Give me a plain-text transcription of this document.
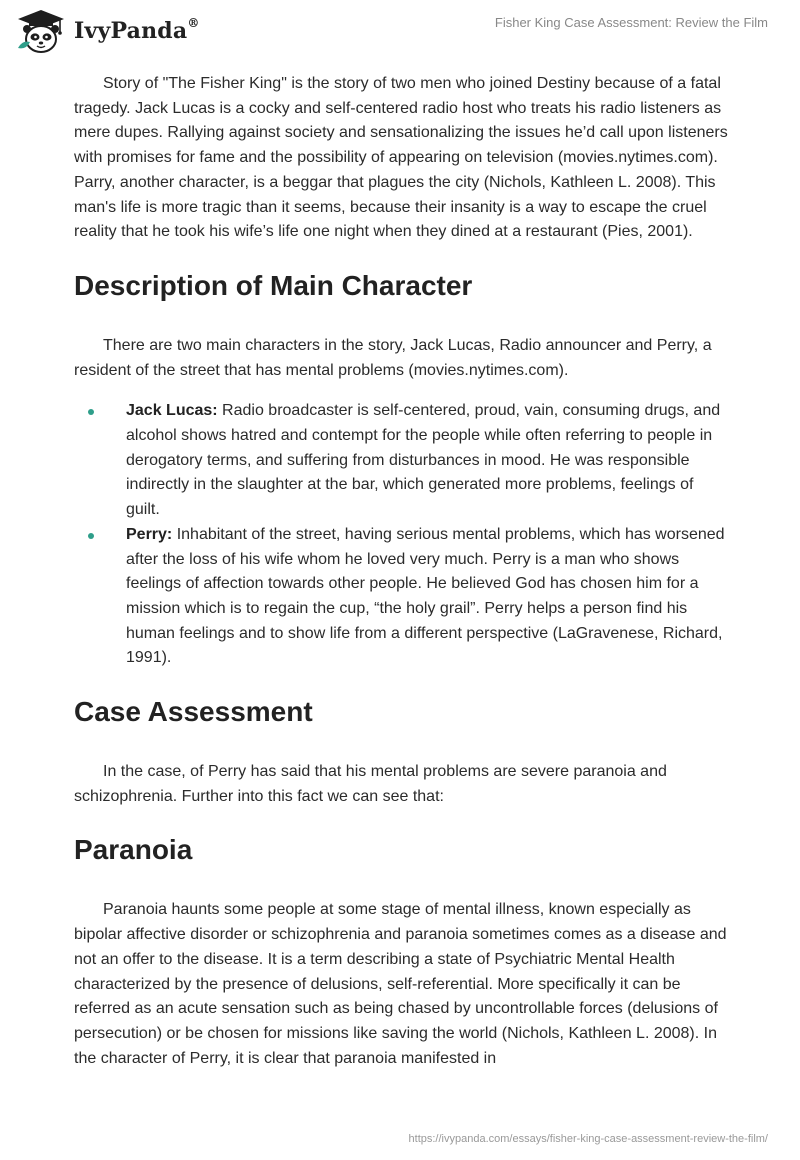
IvyPanda®	Fisher King Case Assessment: Review the Film

Story of "The Fisher King" is the story of two men who joined Destiny because of a fatal tragedy. Jack Lucas is a cocky and self-centered radio host who treats his radio listeners as mere dupes. Rallying against society and sensationalizing the issues he’d call upon listeners with promises for fame and the possibility of appearing on television (movies.nytimes.com). Parry, another character, is a beggar that plagues the city (Nichols, Kathleen L. 2008). This man's life is more tragic than it seems, because their insanity is a way to escape the cruel reality that he took his wife’s life one night when they dined at a restaurant (Pies, 2001).

Description of Main Character

There are two main characters in the story, Jack Lucas, Radio announcer and Perry, a resident of the street that has mental problems (movies.nytimes.com).

Jack Lucas: Radio broadcaster is self-centered, proud, vain, consuming drugs, and alcohol shows hatred and contempt for the people while often referring to people in derogatory terms, and suffering from disturbances in mood. He was responsible indirectly in the slaughter at the bar, which generated more problems, feelings of guilt.
Perry: Inhabitant of the street, having serious mental problems, which has worsened after the loss of his wife whom he loved very much. Perry is a man who shows feelings of affection towards other people. He believed God has chosen him for a mission which is to regain the cup, “the holy grail”. Perry helps a person find his human feelings and to show life from a different perspective (LaGravenese, Richard, 1991).
Case Assessment

In the case, of Perry has said that his mental problems are severe paranoia and schizophrenia. Further into this fact we can see that:

Paranoia

Paranoia haunts some people at some stage of mental illness, known especially as bipolar affective disorder or schizophrenia and paranoia sometimes comes as a disease and not an offer to the disease. It is a term describing a state of Psychiatric Mental Health characterized by the presence of delusions, self-referential. More specifically it can be referred as an acute sensation such as being chased by uncontrollable forces (delusions of persecution) or be chosen for missions like saving the world (Nichols, Kathleen L. 2008). In the character of Perry, it is clear that paranoia manifested in

https://ivypanda.com/essays/fisher-king-case-assessment-review-the-film/
